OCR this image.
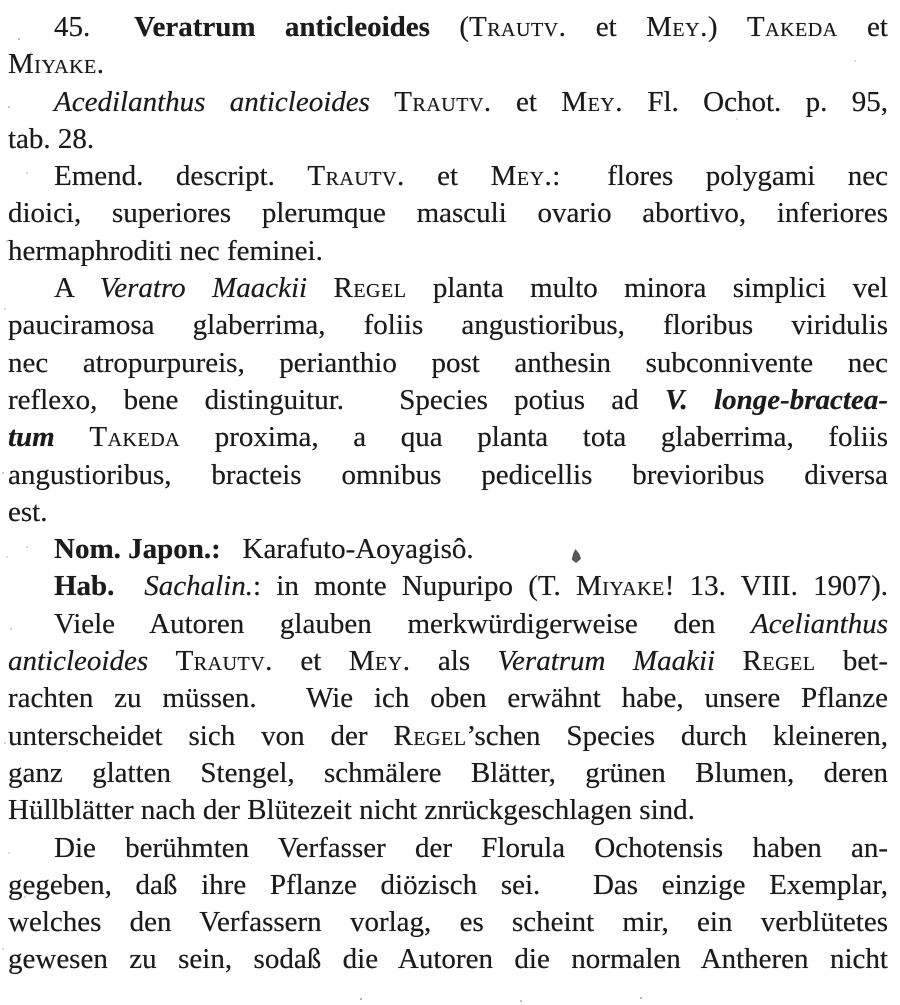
45.  Veratrum anticleoides (Trautv. et Mey.) Takeda et
Miyake.
Acedilanthus anticleoides Trautv. et Mey. Fl. Ochot. p. 95,
tab. 28.
Emend. descript. Trautv. et Mey.:  flores polygami nec
dioici, superiores plerumque masculi ovario abortivo, inferiores
hermaphroditi nec feminei.
A Veratro Maackii Regel planta multo minora simplici vel
pauciramosa glaberrima, foliis angustioribus, floribus viridulis
nec atropurpureis, perianthio post anthesin subconnivente nec
reflexo, bene distinguitur.   Species potius ad V. longe-bractea-
tum Takeda proxima, a qua planta tota glaberrima, foliis
angustioribus, bracteis omnibus pedicellis brevioribus diversa
est.
Nom. Japon.:  Karafuto-Aoyagisô.
Hab.  Sachalin.: in monte Nupuripo (T. Miyake! 13. VIII. 1907).
Viele Autoren glauben merkwürdigerweise den Acelianthus
anticleoides Trautv. et Mey. als Veratrum Maakii Regel bet-
rachten zu müssen.   Wie ich oben erwähnt habe, unsere Pflanze
unterscheidet sich von der Regel’schen Species durch kleineren,
ganz glatten Stengel, schmälere Blätter, grünen Blumen, deren
Hüllblätter nach der Blütezeit nicht znrückgeschlagen sind.
Die berühmten Verfasser der Florula Ochotensis haben an-
gegeben, daß ihre Pflanze diözisch sei.   Das einzige Exemplar,
welches den Verfassern vorlag, es scheint mir, ein verblütetes
gewesen zu sein, sodaß die Autoren die normalen Antheren nicht
